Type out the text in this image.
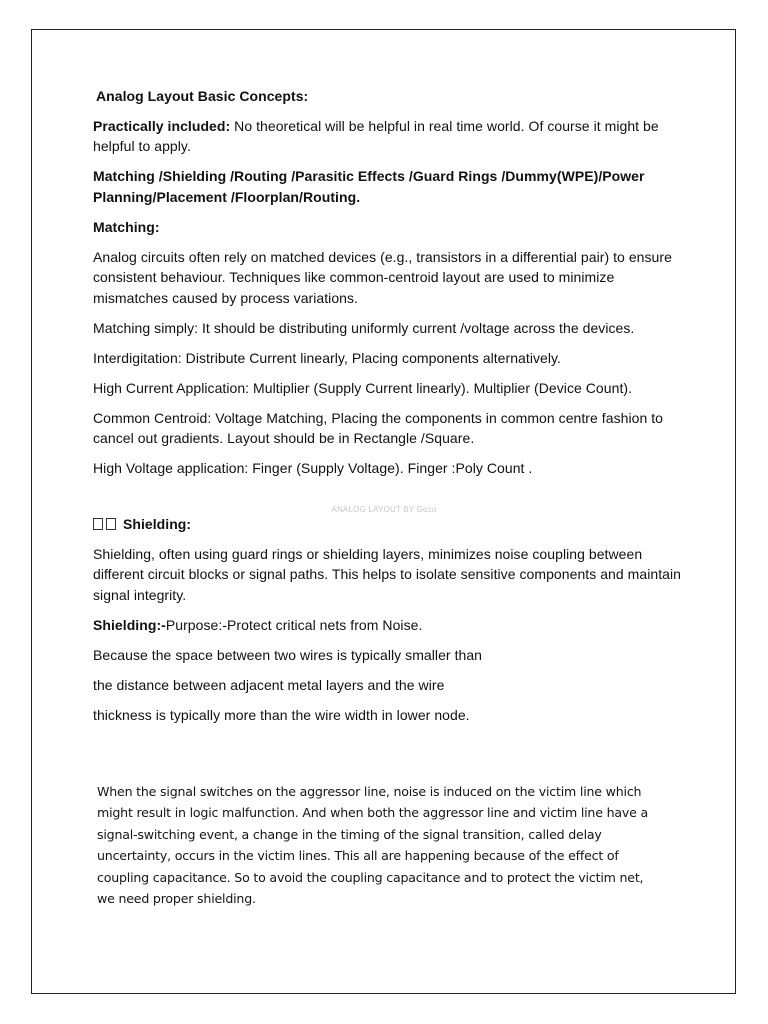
Analog Layout Basic Concepts:
Practically included: No theoretical will be helpful in real time world. Of course it might be helpful to apply.
Matching /Shielding /Routing /Parasitic Effects /Guard Rings /Dummy(WPE)/Power Planning/Placement /Floorplan/Routing.
Matching:
Analog circuits often rely on matched devices (e.g., transistors in a differential pair) to ensure consistent behaviour. Techniques like common-centroid layout are used to minimize mismatches caused by process variations.
Matching simply: It should be distributing uniformly current /voltage across the devices.
Interdigitation: Distribute Current linearly, Placing components alternatively.
High Current Application: Multiplier (Supply Current linearly). Multiplier (Device Count).
Common Centroid: Voltage Matching, Placing the components in common centre fashion to cancel out gradients. Layout should be in Rectangle /Square.
High Voltage application: Finger (Supply Voltage). Finger :Poly Count .
Shielding:
Shielding, often using guard rings or shielding layers, minimizes noise coupling between different circuit blocks or signal paths. This helps to isolate sensitive components and maintain signal integrity.
Shielding:-Purpose:-Protect critical nets from Noise.
Because the space between two wires is typically smaller than
the distance between adjacent metal layers and the wire
thickness is typically more than the wire width in lower node.
ANALOG LAYOUT BY Gozo
When the signal switches on the aggressor line, noise is induced on the victim line which might result in logic malfunction. And when both the aggressor line and victim line have a signal-switching event, a change in the timing of the signal transition, called delay uncertainty, occurs in the victim lines. This all are happening because of the effect of coupling capacitance. So to avoid the coupling capacitance and to protect the victim net, we need proper shielding.
